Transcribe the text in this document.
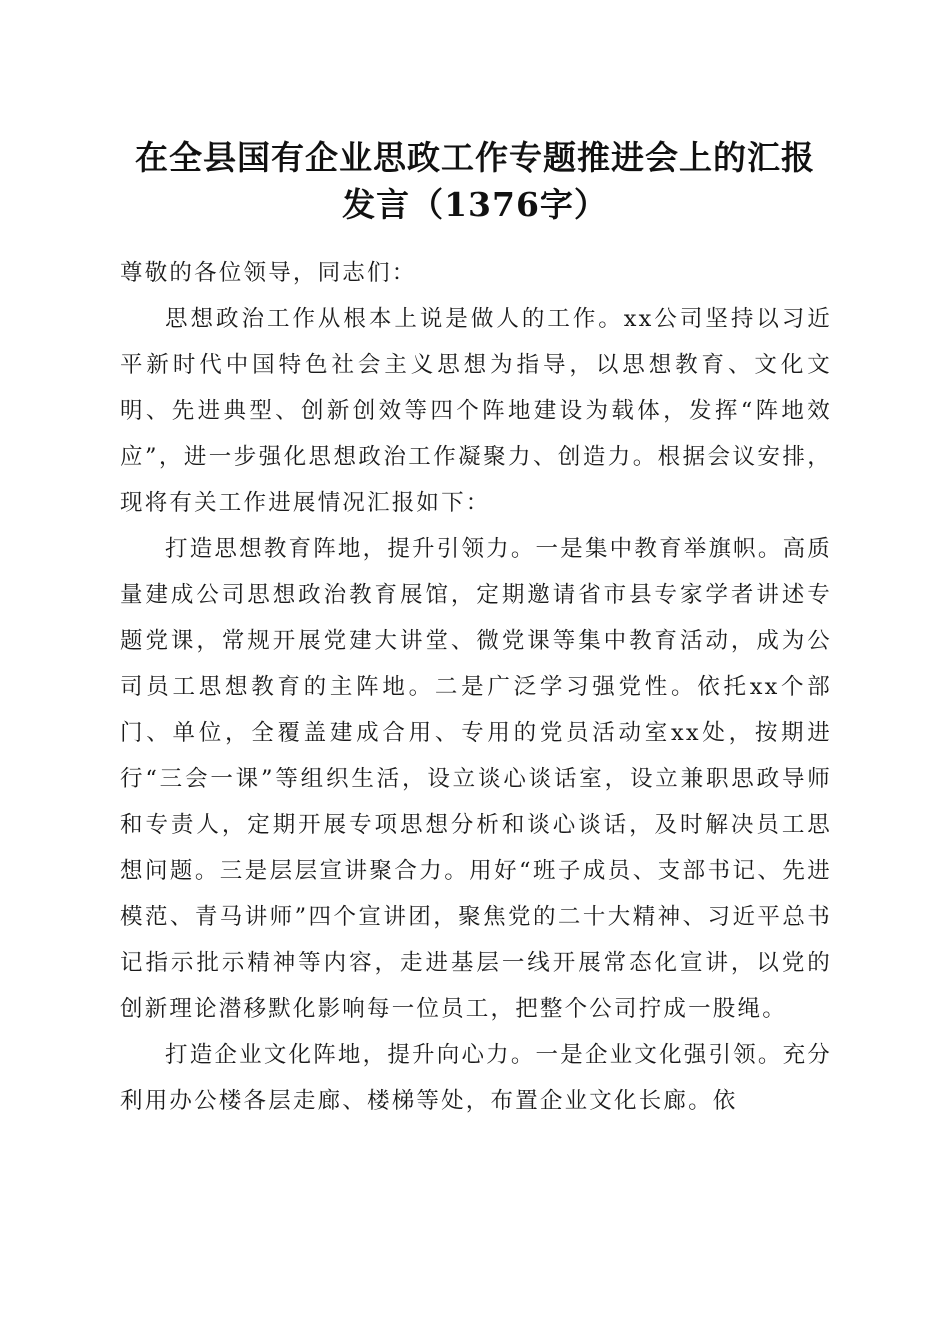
在全县国有企业思政工作专题推进会上的汇报
发言（1376字）

尊敬的各位领导，同志们：

思想政治工作从根本上说是做人的工作。xx公司坚持以习近平新时代中国特色社会主义思想为指导，以思想教育、文化文明、先进典型、创新创效等四个阵地建设为载体，发挥“阵地效应”，进一步强化思想政治工作凝聚力、创造力。根据会议安排，现将有关工作进展情况汇报如下：

打造思想教育阵地，提升引领力。一是集中教育举旗帜。高质量建成公司思想政治教育展馆，定期邀请省市县专家学者讲述专题党课，常规开展党建大讲堂、微党课等集中教育活动，成为公司员工思想教育的主阵地。二是广泛学习强党性。依托xx个部门、单位，全覆盖建成合用、专用的党员活动室xx处，按期进行“三会一课”等组织生活，设立谈心谈话室，设立兼职思政导师和专责人，定期开展专项思想分析和谈心谈话，及时解决员工思想问题。三是层层宣讲聚合力。用好“班子成员、支部书记、先进模范、青马讲师”四个宣讲团，聚焦党的二十大精神、习近平总书记指示批示精神等内容，走进基层一线开展常态化宣讲，以党的创新理论潜移默化影响每一位员工，把整个公司拧成一股绳。

打造企业文化阵地，提升向心力。一是企业文化强引领。充分利用办公楼各层走廊、楼梯等处，布置企业文化长廊。依
